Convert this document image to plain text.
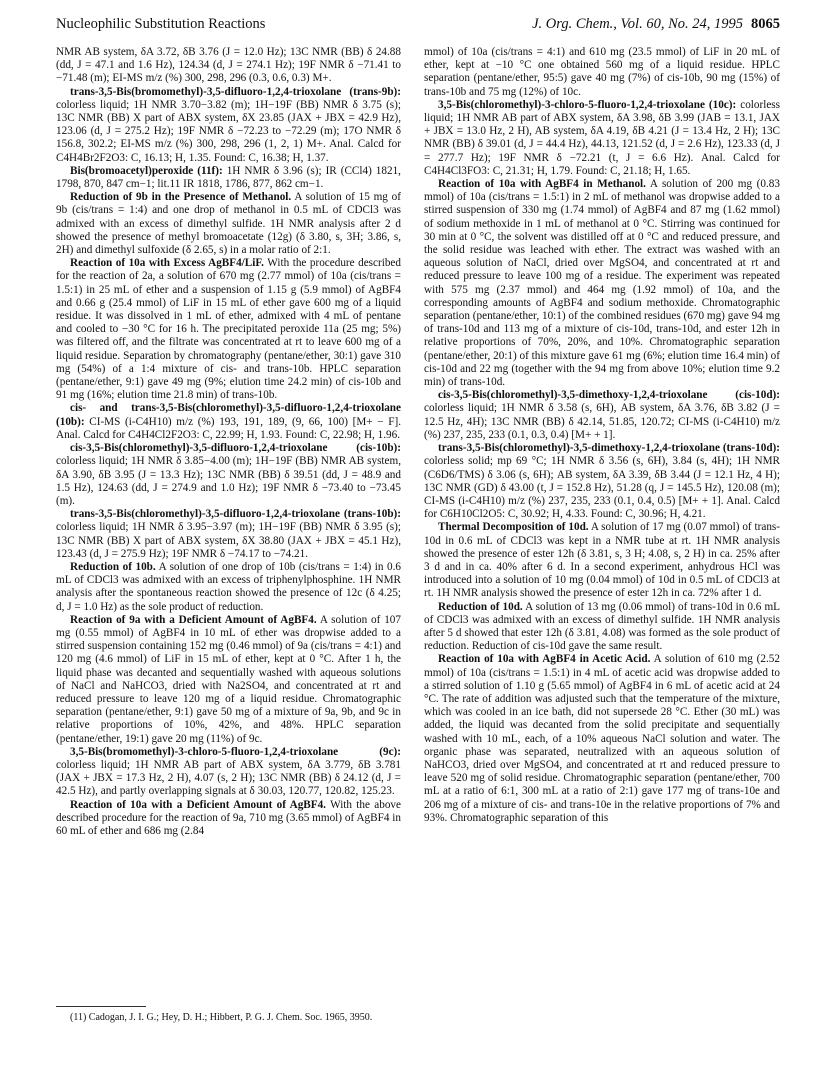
Nucleophilic Substitution Reactions	J. Org. Chem., Vol. 60, No. 24, 1995 8065

NMR AB system, δA 3.72, δB 3.76 (J = 12.0 Hz); 13C NMR (BB) δ 24.88 (dd, J = 47.1 and 1.6 Hz), 124.34 (d, J = 274.1 Hz); 19F NMR δ −71.41 to −71.48 (m); EI-MS m/z (%) 300, 298, 296 (0.3, 0.6, 0.3) M+.

trans-3,5-Bis(bromomethyl)-3,5-difluoro-1,2,4-trioxolane (trans-9b): colorless liquid; 1H NMR 3.70−3.82 (m); 1H−19F (BB) NMR δ 3.75 (s); 13C NMR (BB) X part of ABX system, δX 23.85 (JAX + JBX = 42.9 Hz), 123.06 (d, J = 275.2 Hz); 19F NMR δ −72.23 to −72.29 (m); 17O NMR δ 156.8, 302.2; EI-MS m/z (%) 300, 298, 296 (1, 2, 1) M+. Anal. Calcd for C4H4Br2F2O3: C, 16.13; H, 1.35. Found: C, 16.38; H, 1.37.

Bis(bromoacetyl)peroxide (11f): 1H NMR δ 3.96 (s); IR (CCl4) 1821, 1798, 870, 847 cm−1; lit.11 IR 1818, 1786, 877, 862 cm−1.

Reduction of 9b in the Presence of Methanol. A solution of 15 mg of 9b (cis/trans = 1:4) and one drop of methanol in 0.5 mL of CDCl3 was admixed with an excess of dimethyl sulfide. 1H NMR analysis after 2 d showed the presence of methyl bromoacetate (12g) (δ 3.80, s, 3H; 3.86, s, 2H) and dimethyl sulfoxide (δ 2.65, s) in a molar ratio of 2:1.

Reaction of 10a with Excess AgBF4/LiF. With the procedure described for the reaction of 2a, a solution of 670 mg (2.77 mmol) of 10a (cis/trans = 1.5:1) in 25 mL of ether and a suspension of 1.15 g (5.9 mmol) of AgBF4 and 0.66 g (25.4 mmol) of LiF in 15 mL of ether gave 600 mg of a liquid residue. It was dissolved in 1 mL of ether, admixed with 4 mL of pentane and cooled to −30 °C for 16 h. The precipitated peroxide 11a (25 mg; 5%) was filtered off, and the filtrate was concentrated at rt to leave 600 mg of a liquid residue. Separation by chromatography (pentane/ether, 30:1) gave 310 mg (54%) of a 1:4 mixture of cis- and trans-10b. HPLC separation (pentane/ether, 9:1) gave 49 mg (9%; elution time 24.2 min) of cis-10b and 91 mg (16%; elution time 21.8 min) of trans-10b.

cis- and trans-3,5-Bis(chloromethyl)-3,5-difluoro-1,2,4-trioxolane (10b): CI-MS (i-C4H10) m/z (%) 193, 191, 189, (9, 66, 100) [M+ − F]. Anal. Calcd for C4H4Cl2F2O3: C, 22.99; H, 1.93. Found: C, 22.98; H, 1.96.

cis-3,5-Bis(chloromethyl)-3,5-difluoro-1,2,4-trioxolane (cis-10b): colorless liquid; 1H NMR δ 3.85−4.00 (m); 1H−19F (BB) NMR AB system, δA 3.90, δB 3.95 (J = 13.3 Hz); 13C NMR (BB) δ 39.51 (dd, J = 48.9 and 1.5 Hz), 124.63 (dd, J = 274.9 and 1.0 Hz); 19F NMR δ −73.40 to −73.45 (m).

trans-3,5-Bis(chloromethyl)-3,5-difluoro-1,2,4-trioxolane (trans-10b): colorless liquid; 1H NMR δ 3.95−3.97 (m); 1H−19F (BB) NMR δ 3.95 (s); 13C NMR (BB) X part of ABX system, δX 38.80 (JAX + JBX = 45.1 Hz), 123.43 (d, J = 275.9 Hz); 19F NMR δ −74.17 to −74.21.

Reduction of 10b. A solution of one drop of 10b (cis/trans = 1:4) in 0.6 mL of CDCl3 was admixed with an excess of triphenylphosphine. 1H NMR analysis after the spontaneous reaction showed the presence of 12c (δ 4.25; d, J = 1.0 Hz) as the sole product of reduction.

Reaction of 9a with a Deficient Amount of AgBF4. A solution of 107 mg (0.55 mmol) of AgBF4 in 10 mL of ether was dropwise added to a stirred suspension containing 152 mg (0.46 mmol) of 9a (cis/trans = 4:1) and 120 mg (4.6 mmol) of LiF in 15 mL of ether, kept at 0 °C. After 1 h, the liquid phase was decanted and sequentially washed with aqueous solutions of NaCl and NaHCO3, dried with Na2SO4, and concentrated at rt and reduced pressure to leave 120 mg of a liquid residue. Chromatographic separation (pentane/ether, 9:1) gave 50 mg of a mixture of 9a, 9b, and 9c in relative proportions of 10%, 42%, and 48%. HPLC separation (pentane/ether, 19:1) gave 20 mg (11%) of 9c.

3,5-Bis(bromomethyl)-3-chloro-5-fluoro-1,2,4-trioxolane (9c): colorless liquid; 1H NMR AB part of ABX system, δA 3.779, δB 3.781 (JAX + JBX = 17.3 Hz, 2 H), 4.07 (s, 2 H); 13C NMR (BB) δ 24.12 (d, J = 42.5 Hz), and partly overlapping signals at δ 30.03, 120.77, 120.82, 125.23.

Reaction of 10a with a Deficient Amount of AgBF4. With the above described procedure for the reaction of 9a, 710 mg (3.65 mmol) of AgBF4 in 60 mL of ether and 686 mg (2.84

mmol) of 10a (cis/trans = 4:1) and 610 mg (23.5 mmol) of LiF in 20 mL of ether, kept at −10 °C one obtained 560 mg of a liquid residue. HPLC separation (pentane/ether, 95:5) gave 40 mg (7%) of cis-10b, 90 mg (15%) of trans-10b and 75 mg (12%) of 10c.

3,5-Bis(chloromethyl)-3-chloro-5-fluoro-1,2,4-trioxolane (10c): colorless liquid; 1H NMR AB part of ABX system, δA 3.98, δB 3.99 (JAB = 13.1, JAX + JBX = 13.0 Hz, 2 H), AB system, δA 4.19, δB 4.21 (J = 13.4 Hz, 2 H); 13C NMR (BB) δ 39.01 (d, J = 44.4 Hz), 44.13, 121.52 (d, J = 2.6 Hz), 123.33 (d, J = 277.7 Hz); 19F NMR δ −72.21 (t, J = 6.6 Hz). Anal. Calcd for C4H4Cl3FO3: C, 21.31; H, 1.79. Found: C, 21.18; H, 1.65.

Reaction of 10a with AgBF4 in Methanol. A solution of 200 mg (0.83 mmol) of 10a (cis/trans = 1.5:1) in 2 mL of methanol was dropwise added to a stirred suspension of 330 mg (1.74 mmol) of AgBF4 and 87 mg (1.62 mmol) of sodium methoxide in 1 mL of methanol at 0 °C. Stirring was continued for 30 min at 0 °C, the solvent was distilled off at 0 °C and reduced pressure, and the solid residue was leached with ether. The extract was washed with an aqueous solution of NaCl, dried over MgSO4, and concentrated at rt and reduced pressure to leave 100 mg of a residue. The experiment was repeated with 575 mg (2.37 mmol) and 464 mg (1.92 mmol) of 10a, and the corresponding amounts of AgBF4 and sodium methoxide. Chromatographic separation (pentane/ether, 10:1) of the combined residues (670 mg) gave 94 mg of trans-10d and 113 mg of a mixture of cis-10d, trans-10d, and ester 12h in relative proportions of 70%, 20%, and 10%. Chromatographic separation (pentane/ether, 20:1) of this mixture gave 61 mg (6%; elution time 16.4 min) of cis-10d and 22 mg (together with the 94 mg from above 10%; elution time 9.2 min) of trans-10d.

cis-3,5-Bis(chloromethyl)-3,5-dimethoxy-1,2,4-trioxolane (cis-10d): colorless liquid; 1H NMR δ 3.58 (s, 6H), AB system, δA 3.76, δB 3.82 (J = 12.5 Hz, 4H); 13C NMR (BB) δ 42.14, 51.85, 120.72; CI-MS (i-C4H10) m/z (%) 237, 235, 233 (0.1, 0.3, 0.4) [M+ + 1].

trans-3,5-Bis(chloromethyl)-3,5-dimethoxy-1,2,4-trioxolane (trans-10d): colorless solid; mp 69 °C; 1H NMR δ 3.56 (s, 6H), 3.84 (s, 4H); 1H NMR (C6D6/TMS) δ 3.06 (s, 6H); AB system, δA 3.39, δB 3.44 (J = 12.1 Hz, 4 H); 13C NMR (GD) δ 43.00 (t, J = 152.8 Hz), 51.28 (q, J = 145.5 Hz), 120.08 (m); CI-MS (i-C4H10) m/z (%) 237, 235, 233 (0.1, 0.4, 0.5) [M+ + 1]. Anal. Calcd for C6H10Cl2O5: C, 30.92; H, 4.33. Found: C, 30.96; H, 4.21.

Thermal Decomposition of 10d. A solution of 17 mg (0.07 mmol) of trans-10d in 0.6 mL of CDCl3 was kept in a NMR tube at rt. 1H NMR analysis showed the presence of ester 12h (δ 3.81, s, 3 H; 4.08, s, 2 H) in ca. 25% after 3 d and in ca. 40% after 6 d. In a second experiment, anhydrous HCl was introduced into a solution of 10 mg (0.04 mmol) of 10d in 0.5 mL of CDCl3 at rt. 1H NMR analysis showed the presence of ester 12h in ca. 72% after 1 d.

Reduction of 10d. A solution of 13 mg (0.06 mmol) of trans-10d in 0.6 mL of CDCl3 was admixed with an excess of dimethyl sulfide. 1H NMR analysis after 5 d showed that ester 12h (δ 3.81, 4.08) was formed as the sole product of reduction. Reduction of cis-10d gave the same result.

Reaction of 10a with AgBF4 in Acetic Acid. A solution of 610 mg (2.52 mmol) of 10a (cis/trans = 1.5:1) in 4 mL of acetic acid was dropwise added to a stirred solution of 1.10 g (5.65 mmol) of AgBF4 in 6 mL of acetic acid at 24 °C. The rate of addition was adjusted such that the temperature of the mixture, which was cooled in an ice bath, did not supersede 28 °C. Ether (30 mL) was added, the liquid was decanted from the solid precipitate and sequentially washed with 10 mL, each, of a 10% aqueous NaCl solution and water. The organic phase was separated, neutralized with an aqueous solution of NaHCO3, dried over MgSO4, and concentrated at rt and reduced pressure to leave 520 mg of solid residue. Chromatographic separation (pentane/ether, 700 mL at a ratio of 6:1, 300 mL at a ratio of 2:1) gave 177 mg of trans-10e and 206 mg of a mixture of cis- and trans-10e in the relative proportions of 7% and 93%. Chromatographic separation of this

(11) Cadogan, J. I. G.; Hey, D. H.; Hibbert, P. G. J. Chem. Soc. 1965, 3950.
